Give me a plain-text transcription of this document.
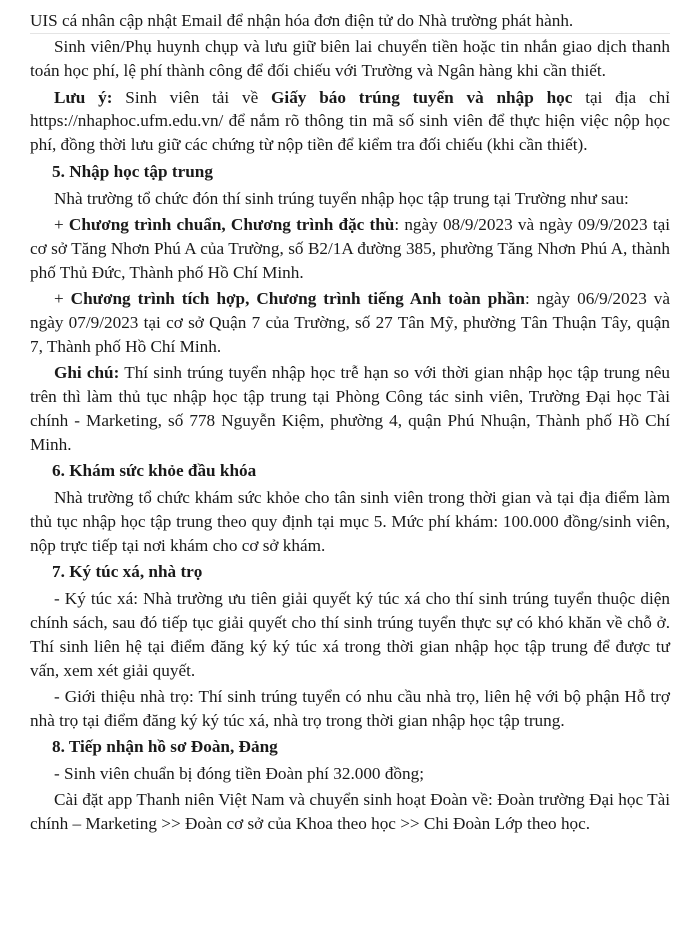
UIS cá nhân cập nhật Email để nhận hóa đơn điện tử do Nhà trường phát hành.

Sinh viên/Phụ huynh chụp và lưu giữ biên lai chuyển tiền hoặc tin nhắn giao dịch thanh toán học phí, lệ phí thành công để đối chiếu với Trường và Ngân hàng khi cần thiết.

Lưu ý: Sinh viên tải về Giấy báo trúng tuyển và nhập học tại địa chỉ https://nhaphoc.ufm.edu.vn/ để nắm rõ thông tin mã số sinh viên để thực hiện việc nộp học phí, đồng thời lưu giữ các chứng từ nộp tiền để kiểm tra đối chiếu (khi cần thiết).

5. Nhập học tập trung

Nhà trường tổ chức đón thí sinh trúng tuyển nhập học tập trung tại Trường như sau:

+ Chương trình chuẩn, Chương trình đặc thù: ngày 08/9/2023 và ngày 09/9/2023 tại cơ sở Tăng Nhơn Phú A của Trường, số B2/1A đường 385, phường Tăng Nhơn Phú A, thành phố Thủ Đức, Thành phố Hồ Chí Minh.

+ Chương trình tích hợp, Chương trình tiếng Anh toàn phần: ngày 06/9/2023 và ngày 07/9/2023 tại cơ sở Quận 7 của Trường, số 27 Tân Mỹ, phường Tân Thuận Tây, quận 7, Thành phố Hồ Chí Minh.

Ghi chú: Thí sinh trúng tuyển nhập học trễ hạn so với thời gian nhập học tập trung nêu trên thì làm thủ tục nhập học tập trung tại Phòng Công tác sinh viên, Trường Đại học Tài chính - Marketing, số 778 Nguyễn Kiệm, phường 4, quận Phú Nhuận, Thành phố Hồ Chí Minh.

6. Khám sức khỏe đầu khóa

Nhà trường tổ chức khám sức khỏe cho tân sinh viên trong thời gian và tại địa điểm làm thủ tục nhập học tập trung theo quy định tại mục 5. Mức phí khám: 100.000 đồng/sinh viên, nộp trực tiếp tại nơi khám cho cơ sở khám.

7. Ký túc xá, nhà trọ

- Ký túc xá: Nhà trường ưu tiên giải quyết ký túc xá cho thí sinh trúng tuyển thuộc diện chính sách, sau đó tiếp tục giải quyết cho thí sinh trúng tuyển thực sự có khó khăn về chỗ ở. Thí sinh liên hệ tại điểm đăng ký ký túc xá trong thời gian nhập học tập trung để được tư vấn, xem xét giải quyết.

- Giới thiệu nhà trọ: Thí sinh trúng tuyển có nhu cầu nhà trọ, liên hệ với bộ phận Hỗ trợ nhà trọ tại điểm đăng ký ký túc xá, nhà trọ trong thời gian nhập học tập trung.

8. Tiếp nhận hồ sơ Đoàn, Đảng

- Sinh viên chuẩn bị đóng tiền Đoàn phí 32.000 đồng;

Cài đặt app Thanh niên Việt Nam và chuyển sinh hoạt Đoàn về: Đoàn trường Đại học Tài chính – Marketing >> Đoàn cơ sở của Khoa theo học >> Chi Đoàn Lớp theo học.
